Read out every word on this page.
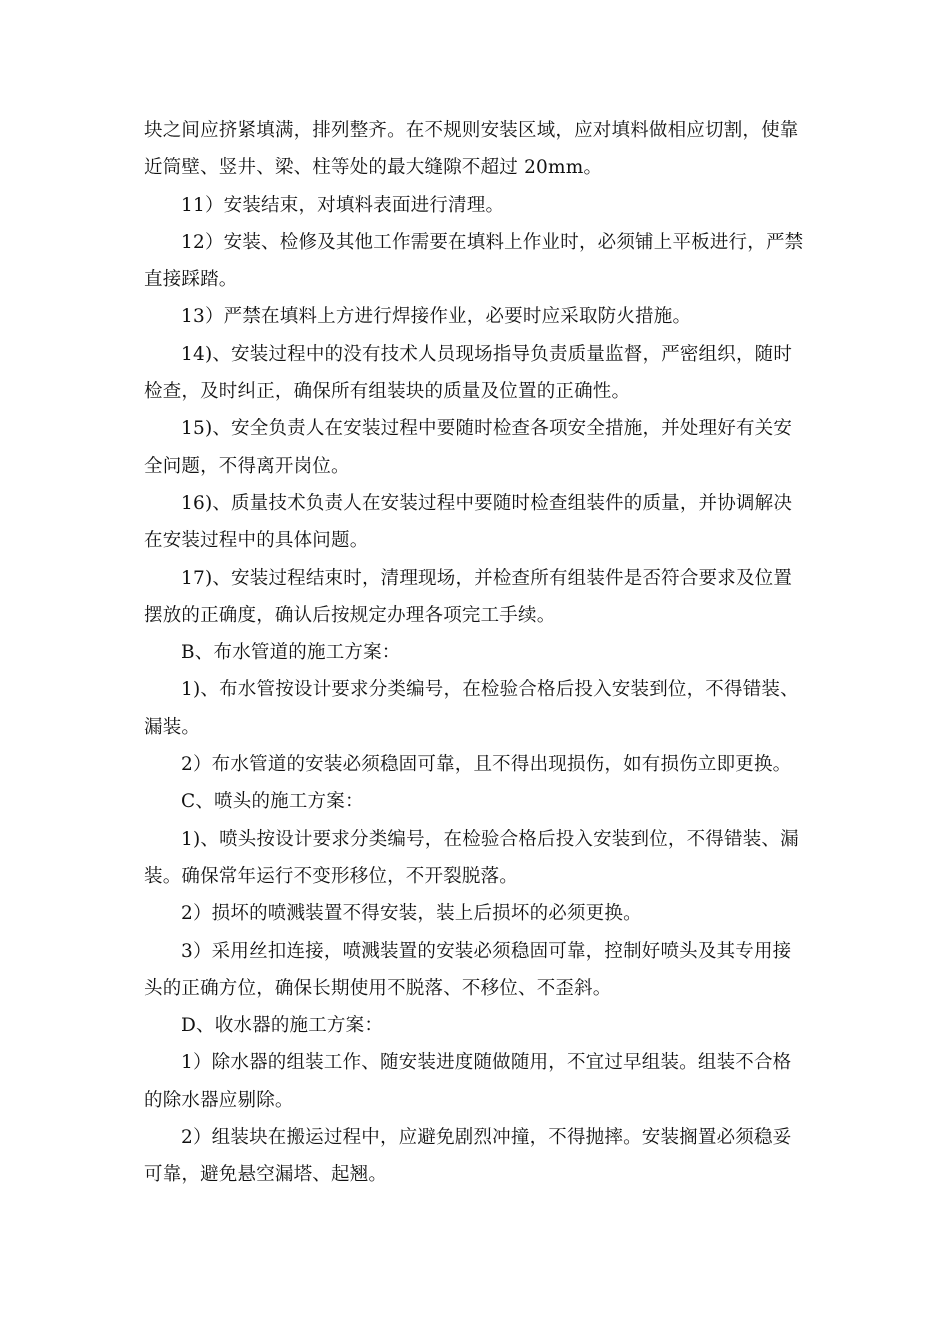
块之间应挤紧填满，排列整齐。在不规则安装区域，应对填料做相应切割，使靠
近筒壁、竖井、梁、柱等处的最大缝隙不超过 20mm。
11）安装结束，对填料表面进行清理。
12）安装、检修及其他工作需要在填料上作业时，必须铺上平板进行，严禁
直接踩踏。
13）严禁在填料上方进行焊接作业，必要时应采取防火措施。
14)、安装过程中的没有技术人员现场指导负责质量监督，严密组织，随时
检查，及时纠正，确保所有组装块的质量及位置的正确性。
15)、安全负责人在安装过程中要随时检查各项安全措施，并处理好有关安
全问题，不得离开岗位。
16)、质量技术负责人在安装过程中要随时检查组装件的质量，并协调解决
在安装过程中的具体问题。
17)、安装过程结束时，清理现场，并检查所有组装件是否符合要求及位置
摆放的正确度，确认后按规定办理各项完工手续。
B、布水管道的施工方案：
1)、布水管按设计要求分类编号，在检验合格后投入安装到位，不得错装、
漏装。
2）布水管道的安装必须稳固可靠，且不得出现损伤，如有损伤立即更换。
C、喷头的施工方案：
1)、喷头按设计要求分类编号，在检验合格后投入安装到位，不得错装、漏
装。确保常年运行不变形移位，不开裂脱落。
2）损坏的喷溅装置不得安装，装上后损坏的必须更换。
3）采用丝扣连接，喷溅装置的安装必须稳固可靠，控制好喷头及其专用接
头的正确方位，确保长期使用不脱落、不移位、不歪斜。
D、收水器的施工方案：
1）除水器的组装工作、随安装进度随做随用，不宜过早组装。组装不合格
的除水器应剔除。
2）组装块在搬运过程中，应避免剧烈冲撞，不得抛摔。安装搁置必须稳妥
可靠，避免悬空漏塔、起翘。
